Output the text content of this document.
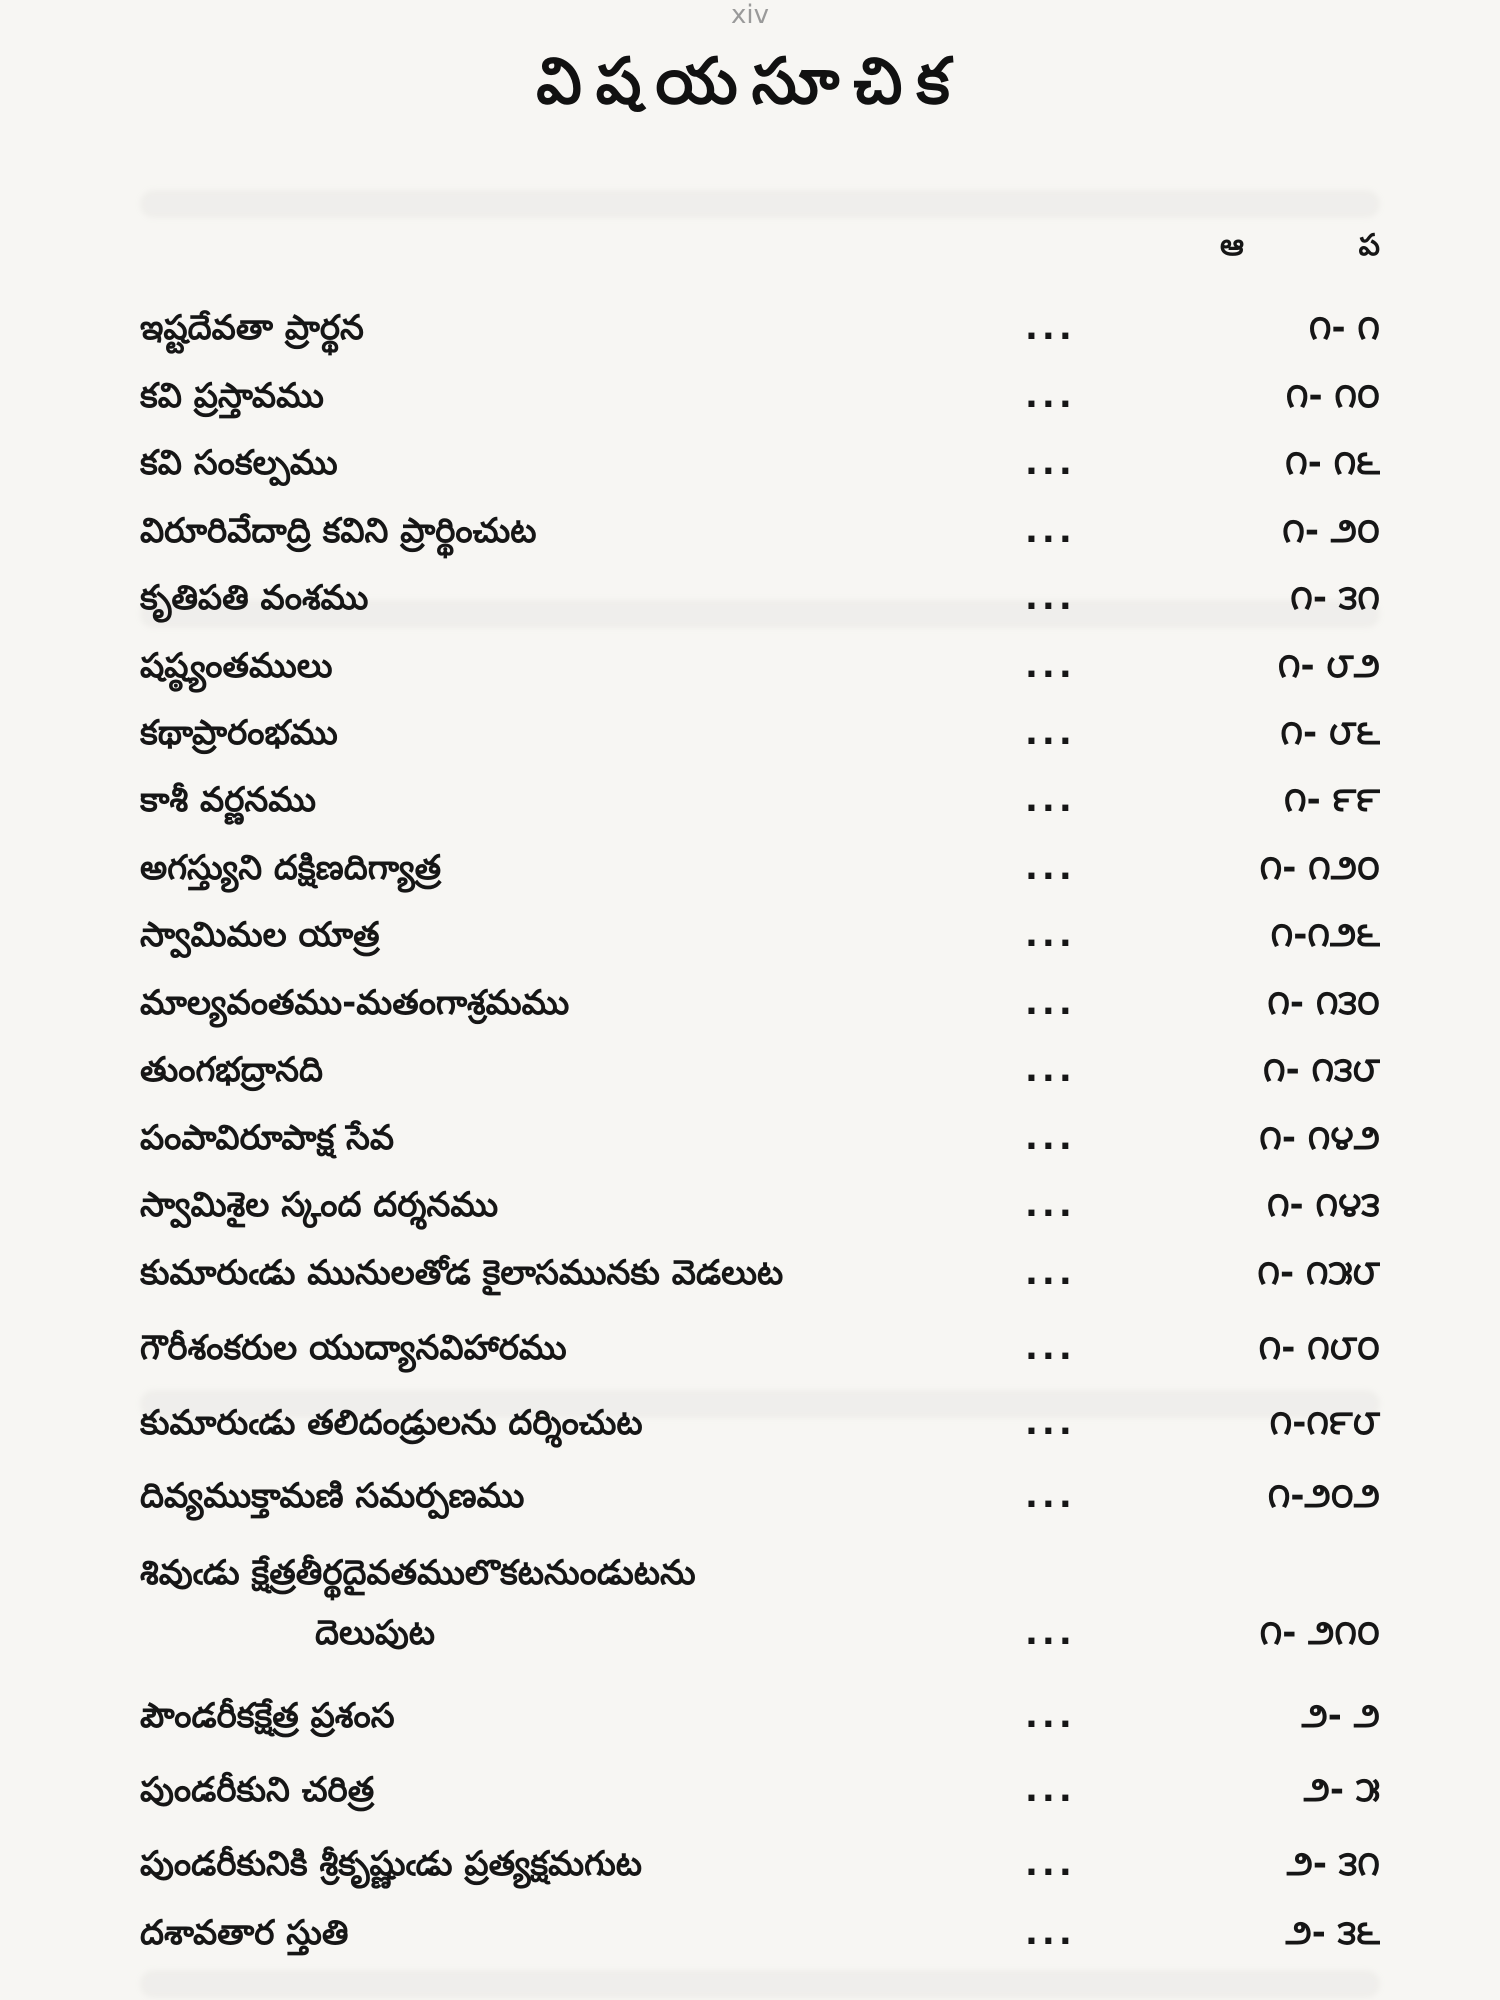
xiv
విషయసూచిక
ఆ	ప
ఇష్టదేవతా ప్రార్థన	...	౧- ౧
కవి ప్రస్తావము	...	౧- ౧౦
కవి సంకల్పము	...	౧- ౧౬
విరూరివేదాద్రి కవిని ప్రార్థించుట	...	౧- ౨౦
కృతిపతి వంశము	...	౧- ౩౧
షష్ఠ్యంతములు	...	౧- ౮౨
కథాప్రారంభము	...	౧- ౮౬
కాశీ వర్ణనము	...	౧- ౯౯
అగస్త్యుని దక్షిణదిగ్యాత్ర	...	౧- ౧౨౦
స్వామిమల యాత్ర	...	౧-౧౨౬
మాల్యవంతము-మతంగాశ్రమము	...	౧- ౧౩౦
తుంగభద్రానది	...	౧- ౧౩౮
పంపావిరూపాక్ష సేవ	...	౧- ౧౪౨
స్వామిశైల స్కంద దర్శనము	...	౧- ౧౪౩
కుమారుఁడు మునులతోడ కైలాసమునకు వెడలుట	...	౧- ౧౫౮
గౌరీశంకరుల యుద్యానవిహారము	...	౧- ౧౮౦
కుమారుఁడు తలిదండ్రులను దర్శించుట	...	౧-౧౯౮
దివ్యముక్తామణి సమర్పణము	...	౧-౨౦౨
శివుఁడు క్షేత్రతీర్థదైవతములొకటనుండుటను
దెలుపుట	...	౧- ౨౧౦
పౌండరీకక్షేత్ర ప్రశంస	...	౨- ౨
పుండరీకుని చరిత్ర	...	౨- ౫
పుండరీకునికి శ్రీకృష్ణుఁడు ప్రత్యక్షమగుట	...	౨- ౩౧
దశావతార స్తుతి	...	౨- ౩౬
